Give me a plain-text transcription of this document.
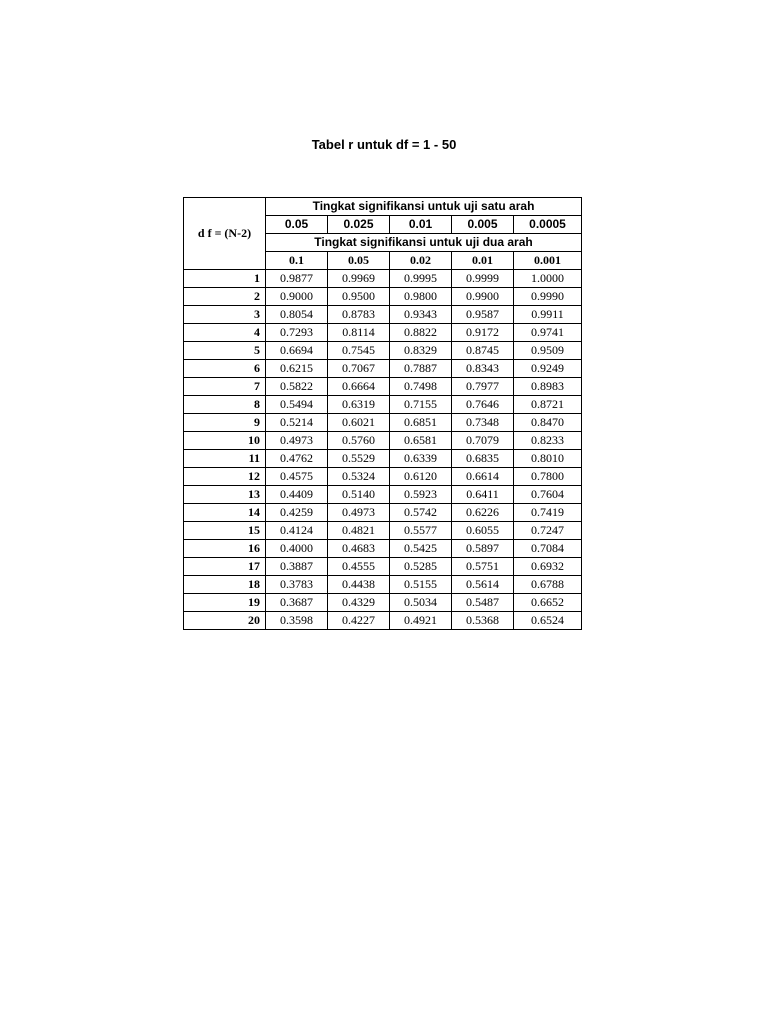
Tabel r untuk df = 1 - 50
d f = (N-2)	Tingkat signifikansi untuk uji satu arah				
	0.05	0.025	0.01	0.005	0.0005
	Tingkat signifikansi untuk uji dua arah				
	0.1	0.05	0.02	0.01	0.001
1	0.9877	0.9969	0.9995	0.9999	1.0000
2	0.9000	0.9500	0.9800	0.9900	0.9990
3	0.8054	0.8783	0.9343	0.9587	0.9911
4	0.7293	0.8114	0.8822	0.9172	0.9741
5	0.6694	0.7545	0.8329	0.8745	0.9509
6	0.6215	0.7067	0.7887	0.8343	0.9249
7	0.5822	0.6664	0.7498	0.7977	0.8983
8	0.5494	0.6319	0.7155	0.7646	0.8721
9	0.5214	0.6021	0.6851	0.7348	0.8470
10	0.4973	0.5760	0.6581	0.7079	0.8233
11	0.4762	0.5529	0.6339	0.6835	0.8010
12	0.4575	0.5324	0.6120	0.6614	0.7800
13	0.4409	0.5140	0.5923	0.6411	0.7604
14	0.4259	0.4973	0.5742	0.6226	0.7419
15	0.4124	0.4821	0.5577	0.6055	0.7247
16	0.4000	0.4683	0.5425	0.5897	0.7084
17	0.3887	0.4555	0.5285	0.5751	0.6932
18	0.3783	0.4438	0.5155	0.5614	0.6788
19	0.3687	0.4329	0.5034	0.5487	0.6652
20	0.3598	0.4227	0.4921	0.5368	0.6524
